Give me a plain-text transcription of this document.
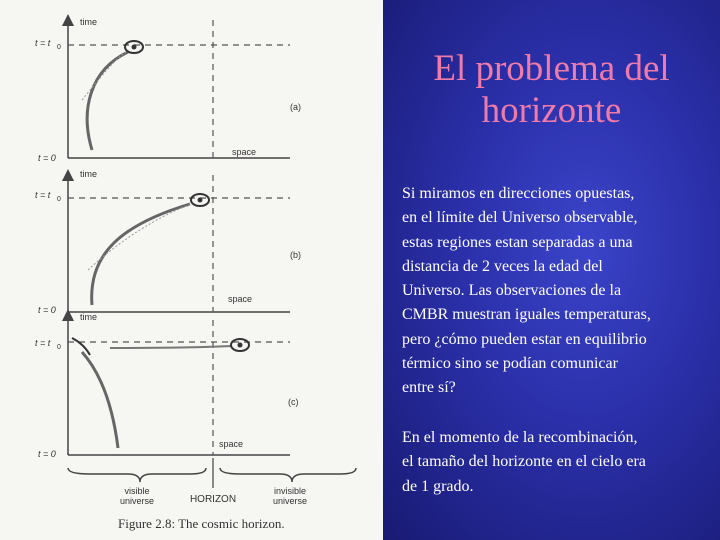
time
t = t 0
t = 0
space
(a)
time
t = t 0
t = 0
space
(b)
time
t = t 0
t = 0
space
(c)
visible universe	HORIZON
invisible universe
Figure 2.8: The cosmic horizon.
El problema del
horizonte

Si miramos en direcciones opuestas,
en el límite del Universo observable,
estas regiones estan separadas a una
distancia de 2 veces la edad del
Universo. Las observaciones de la
CMBR muestran iguales temperaturas,
pero ¿cómo pueden estar en equilibrio
térmico sino se podían comunicar
entre sí?

En el momento de la recombinación,
el tamaño del horizonte en el cielo era
de 1 grado.
